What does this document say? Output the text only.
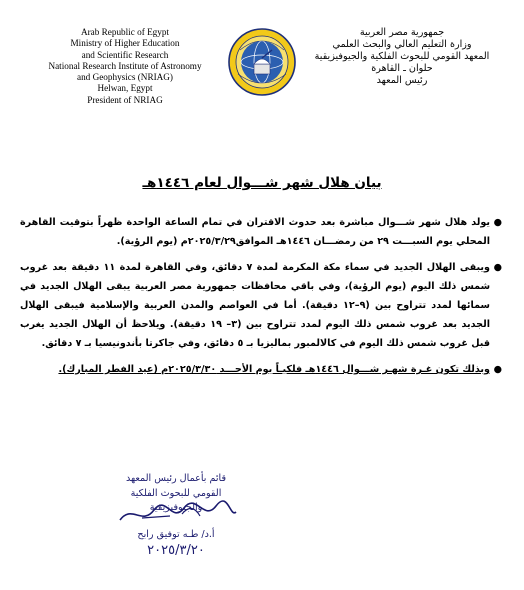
Arab Republic of Egypt
Ministry of Higher Education
and Scientific Research
National Research Institute of Astronomy
and Geophysics (NRIAG)
Helwan, Egypt
President of NRIAG
جمهورية مصر العربية
وزارة التعليم العالي والبحث العلمي
المعهد القومي للبحوث الفلكية والجيوفيزيقية
حلوان ـ القاهرة
رئيس المعهد
بيان هلال شهر شـــوال لعام ١٤٤٦هـ
●
يولد هلال شهر شـــوال مباشرة بعد حدوث الاقتران في تمام الساعة الواحدة ظهراً بتوقيت القاهرة المحلي يوم السبـــت ٢٩ من رمضـــان ١٤٤٦هـ الموافق٢٠٢٥/٣/٢٩م (يوم الرؤية).
●
ويبقى الهلال الجديد في سماء مكة المكرمة لمدة ٧ دقائق، وفي القاهرة لمدة ١١ دقيقة بعد غروب شمس ذلك اليوم (يوم الرؤية)، وفي باقي محافظات جمهورية مصر العربية يبقى الهلال الجديد في سمائها لمدد تتراوح بين (٩–١٢ دقيقة). أما في العواصم والمدن العربية والإسلامية فيبقى الهلال الجديد بعد غروب شمس ذلك اليوم لمدد تتراوح بين (٣– ١٩ دقيقة). ويلاحظ أن الهلال الجديد يغرب قبل غروب شمس ذلك اليوم في كالالمبور بماليزيا بـ ٥ دقائق، وفي جاكرتا بأندونيسيا بـ ٧ دقائق.
●
وبذلك تكون غـرة شهـر شـــوال ١٤٤٦هـ فلكيـاً يوم الأحـــد ٢٠٢٥/٣/٣٠م (عيد الفطر المبارك).
قائم بأعمال رئيس المعهد
القومي للبحوث الفلكية والجيوفيزيقية
أ.د/ طـه توفيق رابح
٢٠٢٥/٣/٢٠
